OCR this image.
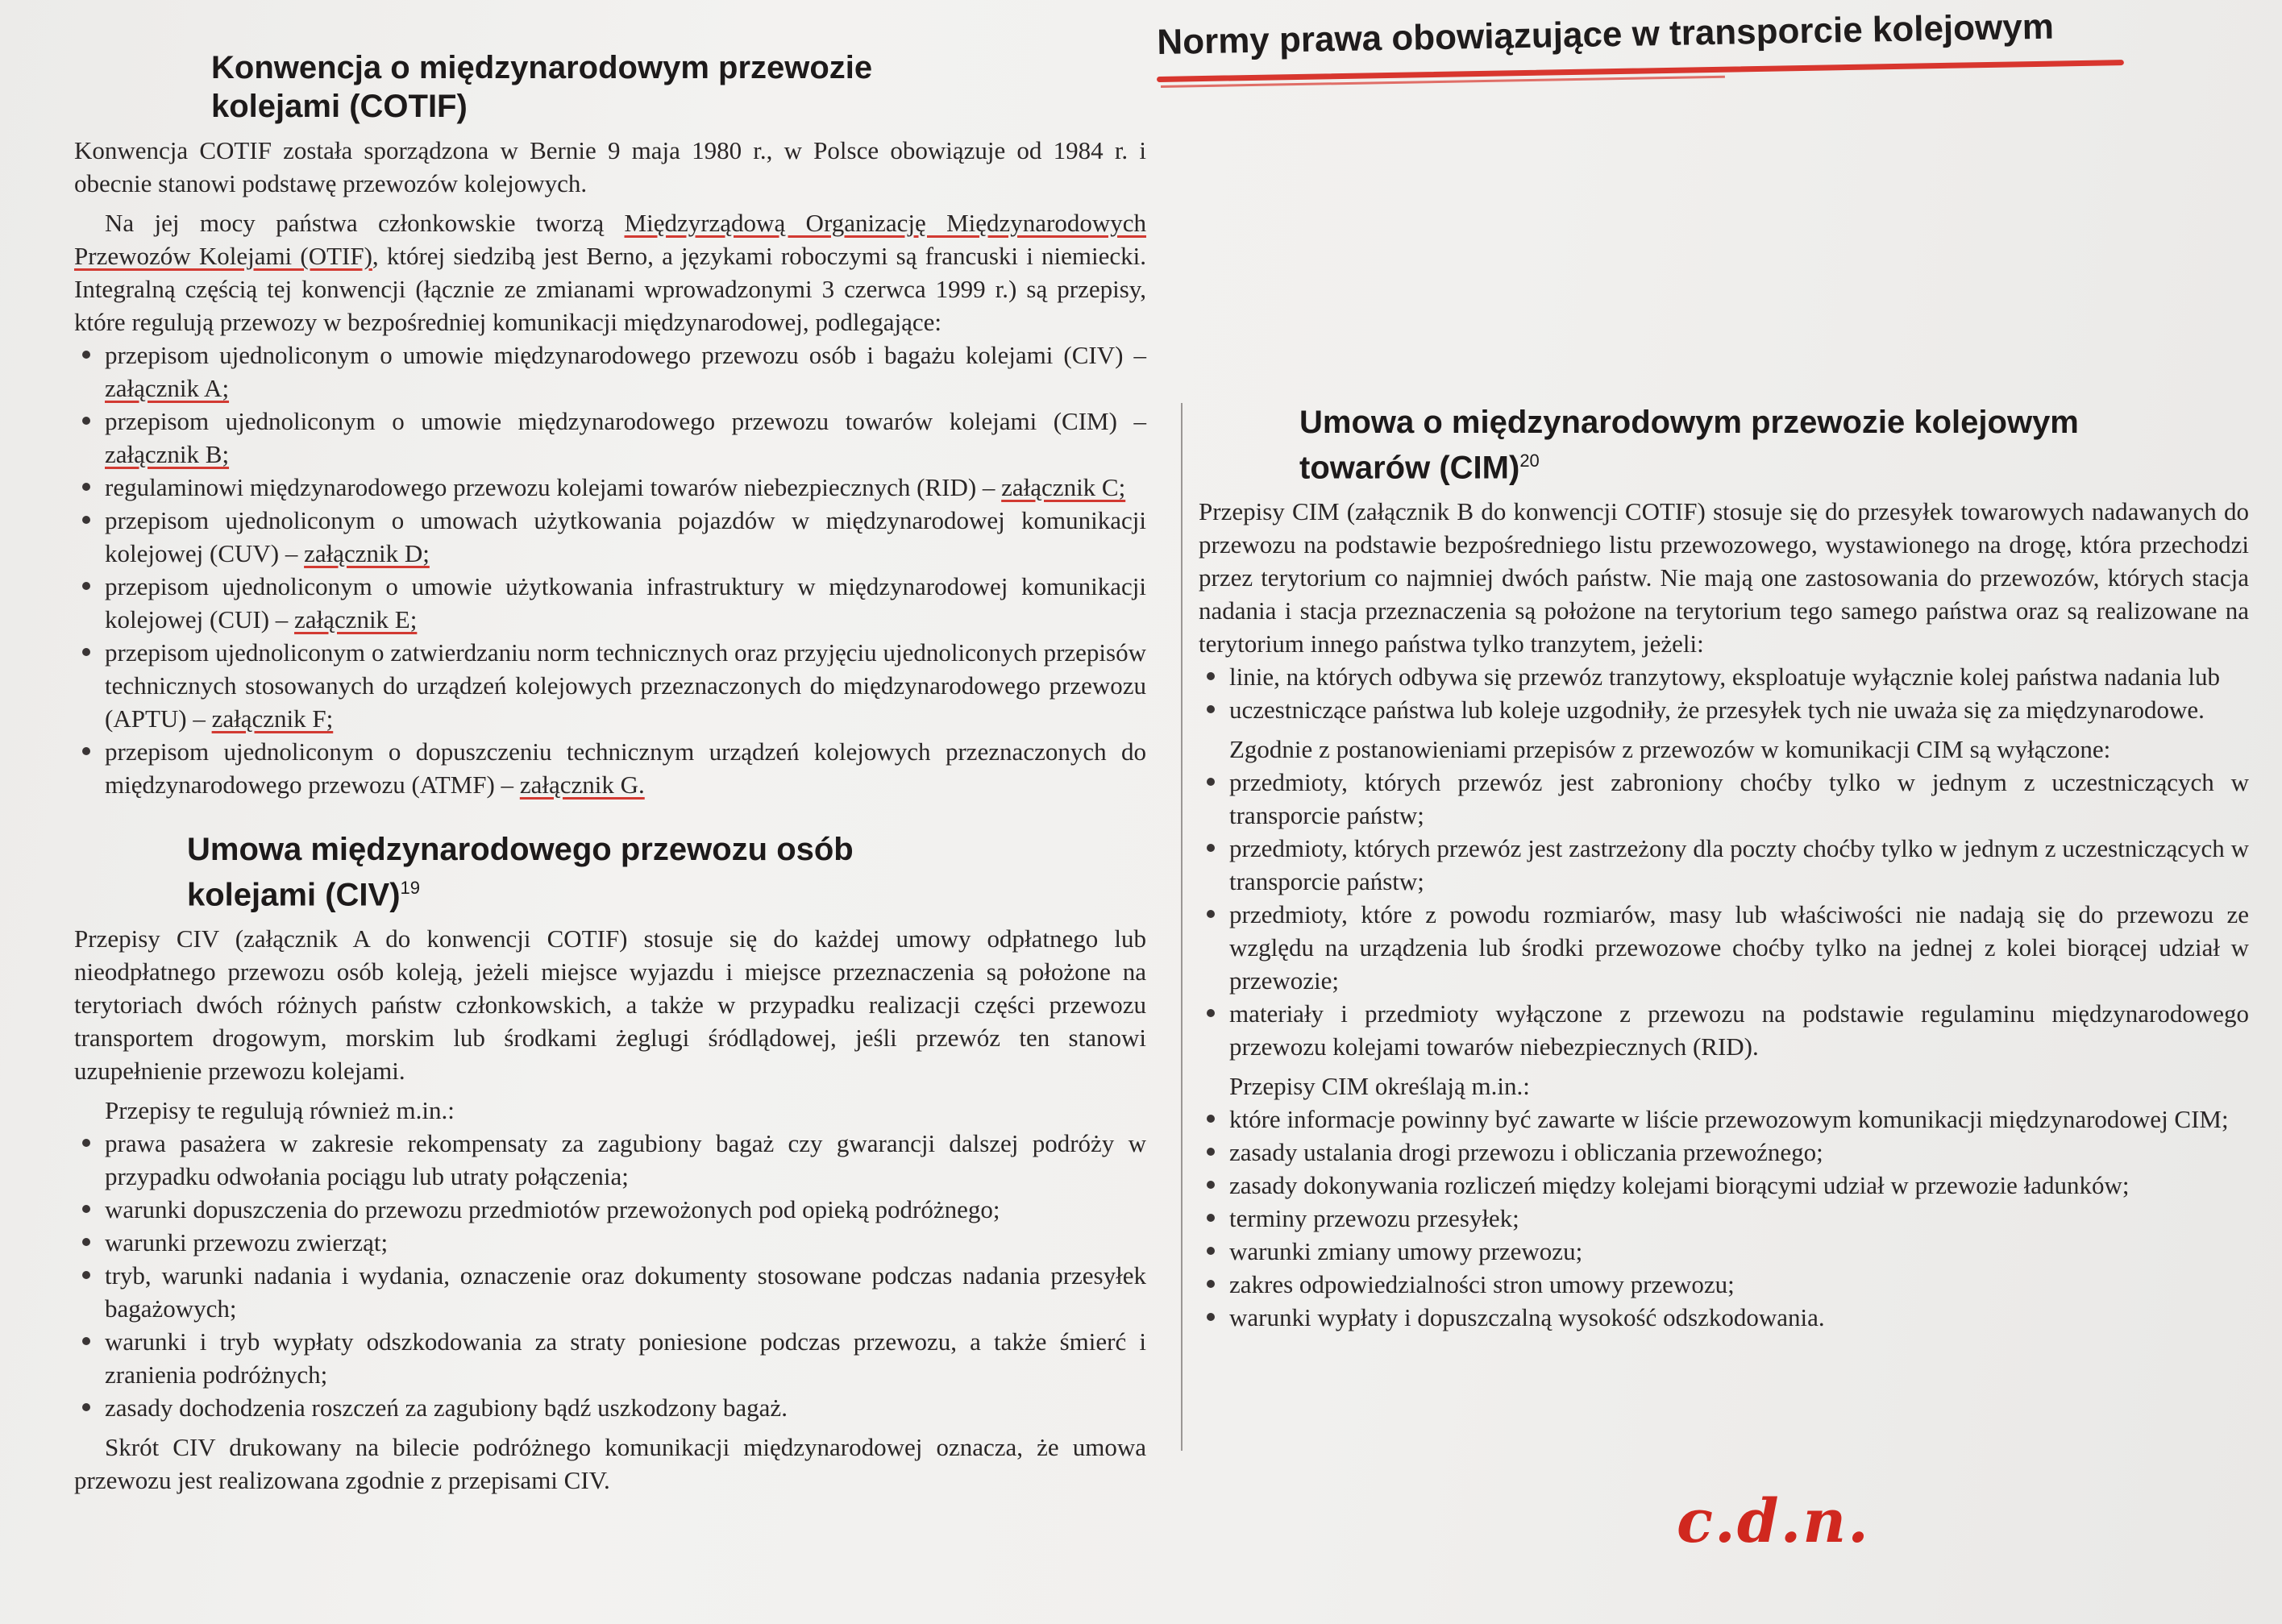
Normy prawa obowiązujące w transporcie kolejowym
Konwencja o międzynarodowym przewozie kolejami (COTIF)

Konwencja COTIF została sporządzona w Bernie 9 maja 1980 r., w Polsce obowiązuje od 1984 r. i obecnie stanowi podstawę przewozów kolejowych.

Na jej mocy państwa członkowskie tworzą Międzyrządową Organizację Międzynarodowych Przewozów Kolejami (OTIF), której siedzibą jest Berno, a językami roboczymi są francuski i niemiecki. Integralną częścią tej konwencji (łącznie ze zmianami wprowadzonymi 3 czerwca 1999 r.) są przepisy, które regulują przewozy w bezpośredniej komunikacji międzynarodowej, podlegające:

przepisom ujednoliconym o umowie międzynarodowego przewozu osób i bagażu kolejami (CIV) – załącznik A;
przepisom ujednoliconym o umowie międzynarodowego przewozu towarów kolejami (CIM) – załącznik B;
regulaminowi międzynarodowego przewozu kolejami towarów niebezpiecznych (RID) – załącznik C;
przepisom ujednoliconym o umowach użytkowania pojazdów w międzynarodowej komunikacji kolejowej (CUV) – załącznik D;
przepisom ujednoliconym o umowie użytkowania infrastruktury w międzynarodowej komunikacji kolejowej (CUI) – załącznik E;
przepisom ujednoliconym o zatwierdzaniu norm technicznych oraz przyjęciu ujednoliconych przepisów technicznych stosowanych do urządzeń kolejowych przeznaczonych do międzynarodowego przewozu (APTU) – załącznik F;
przepisom ujednoliconym o dopuszczeniu technicznym urządzeń kolejowych przeznaczonych do międzynarodowego przewozu (ATMF) – załącznik G.
Umowa międzynarodowego przewozu osób kolejami (CIV)$^{19}$

Przepisy CIV (załącznik A do konwencji COTIF) stosuje się do każdej umowy odpłatnego lub nieodpłatnego przewozu osób koleją, jeżeli miejsce wyjazdu i miejsce przeznaczenia są położone na terytoriach dwóch różnych państw członkowskich, a także w przypadku realizacji części przewozu transportem drogowym, morskim lub środkami żeglugi śródlądowej, jeśli przewóz ten stanowi uzupełnienie przewozu kolejami.

Przepisy te regulują również m.in.:

prawa pasażera w zakresie rekompensaty za zagubiony bagaż czy gwarancji dalszej podróży w przypadku odwołania pociągu lub utraty połączenia;
warunki dopuszczenia do przewozu przedmiotów przewożonych pod opieką podróżnego;
warunki przewozu zwierząt;
tryb, warunki nadania i wydania, oznaczenie oraz dokumenty stosowane podczas nadania przesyłek bagażowych;
warunki i tryb wypłaty odszkodowania za straty poniesione podczas przewozu, a także śmierć i zranienia podróżnych;
zasady dochodzenia roszczeń za zagubiony bądź uszkodzony bagaż.

Skrót CIV drukowany na bilecie podróżnego komunikacji międzynarodowej oznacza, że umowa przewozu jest realizowana zgodnie z przepisami CIV.

Umowa o międzynarodowym przewozie kolejowym towarów (CIM)$^{20}$

Przepisy CIM (załącznik B do konwencji COTIF) stosuje się do przesyłek towarowych nadawanych do przewozu na podstawie bezpośredniego listu przewozowego, wystawionego na drogę, która przechodzi przez terytorium co najmniej dwóch państw. Nie mają one zastosowania do przewozów, których stacja nadania i stacja przeznaczenia są położone na terytorium tego samego państwa oraz są realizowane na terytorium innego państwa tylko tranzytem, jeżeli:

linie, na których odbywa się przewóz tranzytowy, eksploatuje wyłącznie kolej państwa nadania lub
uczestniczące państwa lub koleje uzgodniły, że przesyłek tych nie uważa się za międzynarodowe.

Zgodnie z postanowieniami przepisów z przewozów w komunikacji CIM są wyłączone:

przedmioty, których przewóz jest zabroniony choćby tylko w jednym z uczestniczących w transporcie państw;
przedmioty, których przewóz jest zastrzeżony dla poczty choćby tylko w jednym z uczestniczących w transporcie państw;
przedmioty, które z powodu rozmiarów, masy lub właściwości nie nadają się do przewozu ze względu na urządzenia lub środki przewozowe choćby tylko na jednej z kolei biorącej udział w przewozie;
materiały i przedmioty wyłączone z przewozu na podstawie regulaminu międzynarodowego przewozu kolejami towarów niebezpiecznych (RID).

Przepisy CIM określają m.in.:

które informacje powinny być zawarte w liście przewozowym komunikacji międzynarodowej CIM;
zasady ustalania drogi przewozu i obliczania przewoźnego;
zasady dokonywania rozliczeń między kolejami biorącymi udział w przewozie ładunków;
terminy przewozu przesyłek;
warunki zmiany umowy przewozu;
zakres odpowiedzialności stron umowy przewozu;
warunki wypłaty i dopuszczalną wysokość odszkodowania.
c.d.n.
